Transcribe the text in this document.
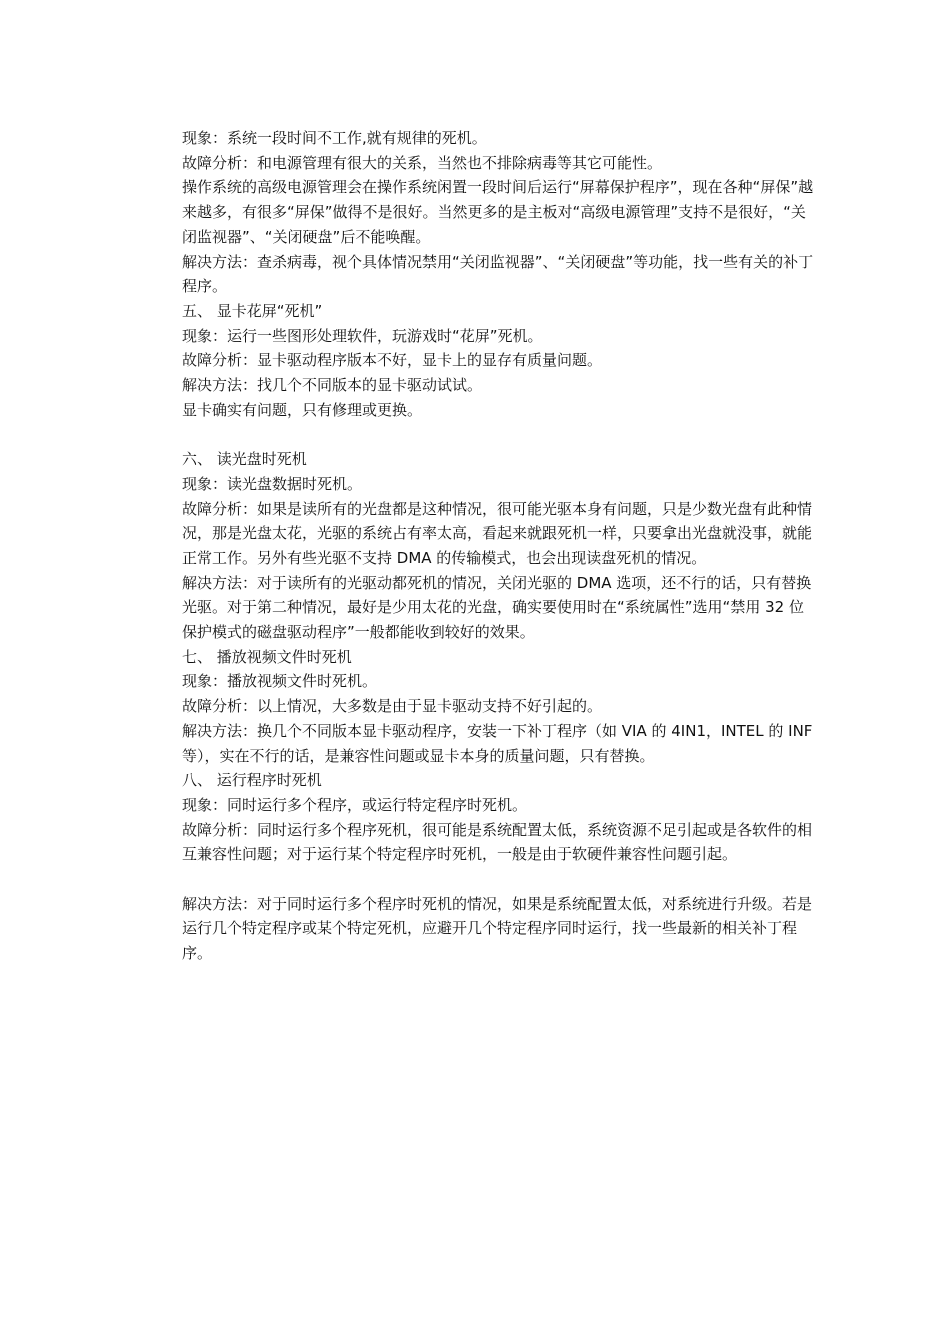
现象：系统一段时间不工作,就有规律的死机。

故障分析：和电源管理有很大的关系，当然也不排除病毒等其它可能性。

操作系统的高级电源管理会在操作系统闲置一段时间后运行“屏幕保护程序”，现在各种“屏保”越来越多，有很多“屏保”做得不是很好。当然更多的是主板对“高级电源管理”支持不是很好，“关闭监视器”、“关闭硬盘”后不能唤醒。

解决方法：查杀病毒，视个具体情况禁用“关闭监视器”、“关闭硬盘”等功能，找一些有关的补丁程序。

五、 显卡花屏“死机”

现象：运行一些图形处理软件，玩游戏时“花屏”死机。

故障分析：显卡驱动程序版本不好，显卡上的显存有质量问题。

解决方法：找几个不同版本的显卡驱动试试。

显卡确实有问题，只有修理或更换。

六、 读光盘时死机

现象：读光盘数据时死机。

故障分析：如果是读所有的光盘都是这种情况，很可能光驱本身有问题，只是少数光盘有此种情况，那是光盘太花，光驱的系统占有率太高，看起来就跟死机一样，只要拿出光盘就没事，就能正常工作。另外有些光驱不支持 DMA 的传输模式，也会出现读盘死机的情况。

解决方法：对于读所有的光驱动都死机的情况，关闭光驱的 DMA 选项，还不行的话，只有替换光驱。对于第二种情况，最好是少用太花的光盘，确实要使用时在“系统属性”选用“禁用 32 位保护模式的磁盘驱动程序”一般都能收到较好的效果。

七、 播放视频文件时死机

现象：播放视频文件时死机。

故障分析：以上情况，大多数是由于显卡驱动支持不好引起的。

解决方法：换几个不同版本显卡驱动程序，安装一下补丁程序（如 VIA 的 4IN1，INTEL 的 INF 等），实在不行的话，是兼容性问题或显卡本身的质量问题，只有替换。

八、 运行程序时死机

现象：同时运行多个程序，或运行特定程序时死机。

故障分析：同时运行多个程序死机，很可能是系统配置太低，系统资源不足引起或是各软件的相互兼容性问题；对于运行某个特定程序时死机，一般是由于软硬件兼容性问题引起。

解决方法：对于同时运行多个程序时死机的情况，如果是系统配置太低，对系统进行升级。若是运行几个特定程序或某个特定死机，应避开几个特定程序同时运行，找一些最新的相关补丁程序。
